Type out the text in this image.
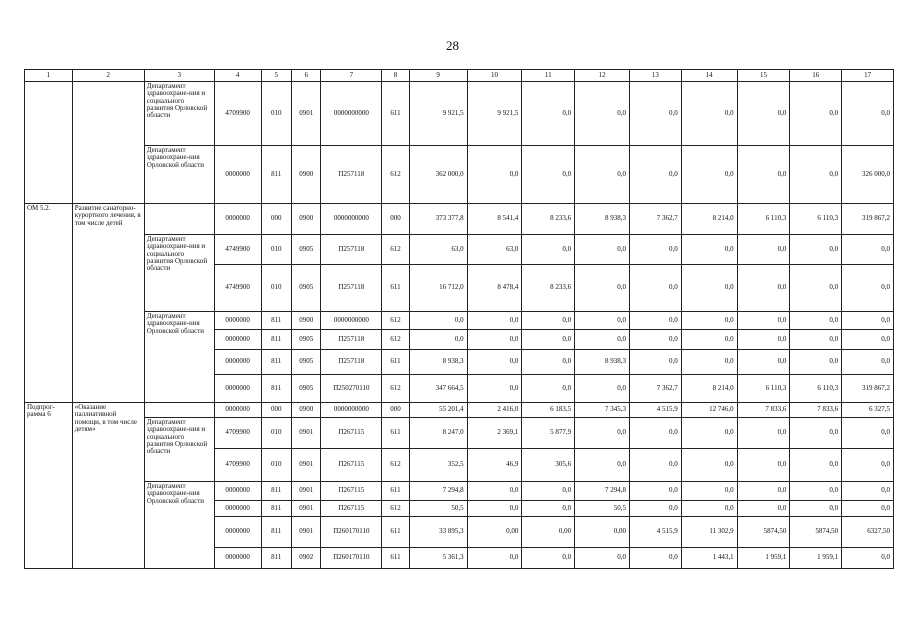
28
1	2	3	4	5	6	7	8	9	10	11	12	13	14	15	16	17
		Департамент здравоохране-ния и социального развития Орловской области	4709900	010	0901	0000000000	611	9 921,5	9 921,5	0,0	0,0	0,0	0,0	0,0	0,0	0,0
		Департамент здравоохране-ния Орловской области	0000000	811	0900	П257118	612	362 000,0	0,0	0,0	0,0	0,0	0,0	0,0	0,0	326 000,0
ОМ 5.2.	Развитие санаторно-курортного лечения, в том числе детей		0000000	000	0900	0000000000	000	373 377,8	8 541,4	8 233,6	8 938,3	7 362,7	8 214,0	6 110,3	6 110,3	319 867,2
		Департамент здравоохране-ния и социального развития Орловской области	4749900	010	0905	П257118	612	63,0	63,0	0,0	0,0	0,0	0,0	0,0	0,0	0,0
			4749900	010	0905	П257118	611	16 712,0	8 478,4	8 233,6	0,0	0,0	0,0	0,0	0,0	0,0
		Департамент здравоохране-ния Орловской области	0000000	811	0900	0000000000	612	0,0	0,0	0,0	0,0	0,0	0,0	0,0	0,0	0,0
			0000000	811	0905	П257118	612	0,0	0,0	0,0	0,0	0,0	0,0	0,0	0,0	0,0
			0000000	811	0905	П257118	611	8 938,3	0,0	0,0	8 938,3	0,0	0,0	0,0	0,0	0,0
			0000000	811	0905	П250270110	612	347 664,5	0,0	0,0	0,0	7 362,7	8 214,0	6 110,3	6 110,3	319 867,2
Подпрог-рамма 6	«Оказание паллиативной помощи, в том числе детям»		0000000	000	0900	0000000000	000	55 201,4	2 416,0	6 183,5	7 345,3	4 515,9	12 746,0	7 833,6	7 833,6	6 327,5
		Департамент здравоохране-ния и социального развития Орловской области	4709900	010	0901	П267115	611	8 247,0	2 369,1	5 877,9	0,0	0,0	0,0	0,0	0,0	0,0
			4709900	010	0901	П267115	612	352,5	46,9	305,6	0,0	0,0	0,0	0,0	0,0	0,0
		Департамент здравоохране-ния Орловской области	0000000	811	0901	П267115	611	7 294,8	0,0	0,0	7 294,8	0,0	0,0	0,0	0,0	0,0
			0000000	811	0901	П267115	612	50,5	0,0	0,0	50,5	0,0	0,0	0,0	0,0	0,0
			0000000	811	0901	П260170110	611	33 895,3	0,00	0,00	0,00	4 515,9	11 302,9	5874,50	5874,50	6327,50
			0000000	811	0902	П260170110	611	5 361,3	0,0	0,0	0,0	0,0	1 443,1	1 959,1	1 959,1	0,0
